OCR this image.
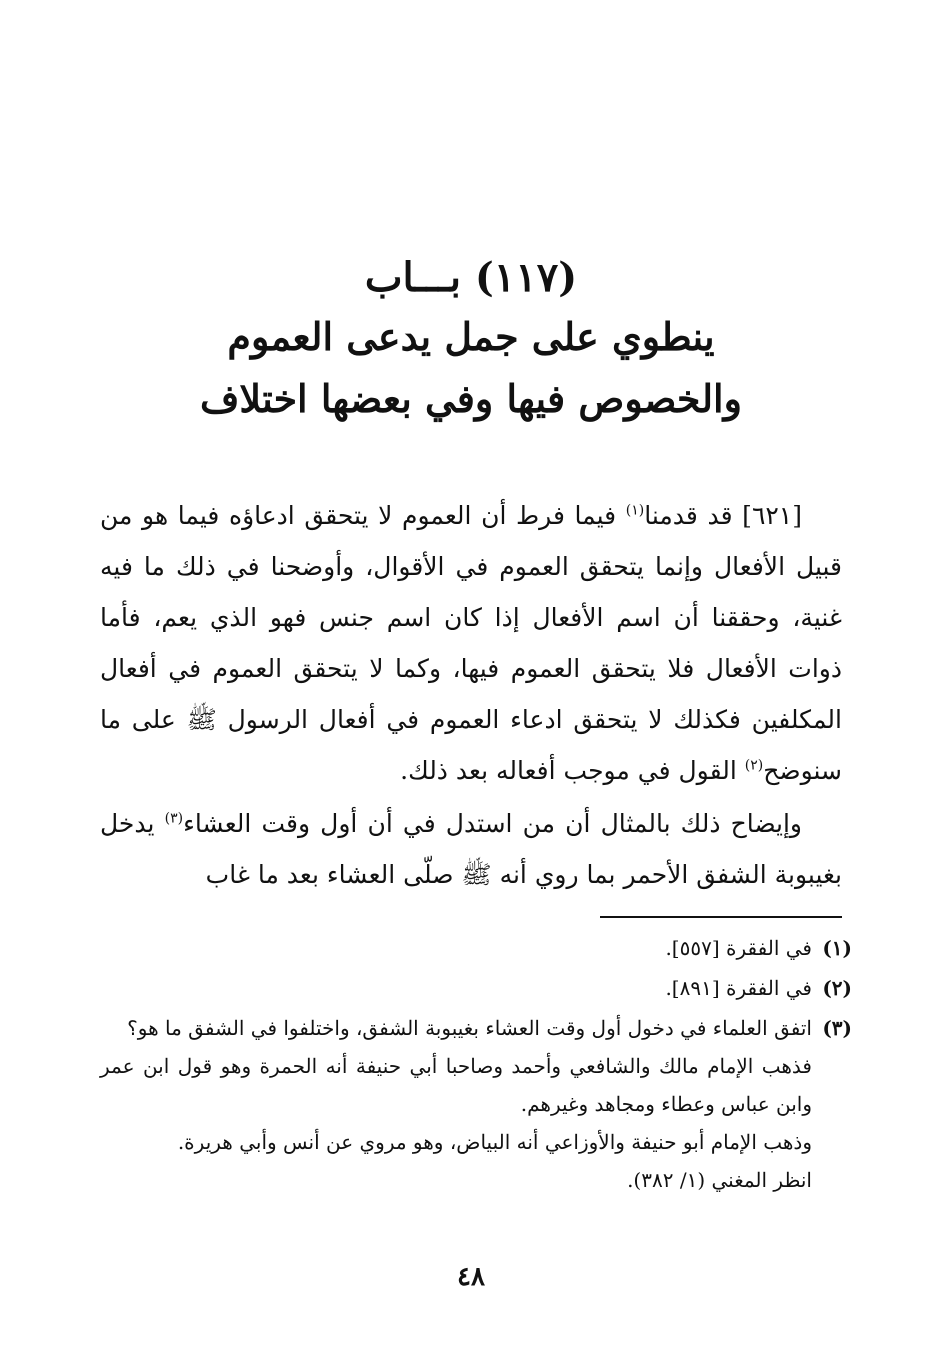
(١١٧) بـــاب
ينطوي على جمل يدعى العموم
والخصوص فيها وفي بعضها اختلاف

[٦٢١] قد قدمنا$^{(١)}$ فيما فرط أن العموم لا يتحقق ادعاؤه فيما هو من قبيل الأفعال وإنما يتحقق العموم في الأقوال، وأوضحنا في ذلك ما فيه غنية، وحققنا أن اسم الأفعال إذا كان اسم جنس فهو الذي يعم، فأما ذوات الأفعال فلا يتحقق العموم فيها، وكما لا يتحقق العموم في أفعال المكلفين فكذلك لا يتحقق ادعاء العموم في أفعال الرسول ﷺ على ما سنوضح$^{(٢)}$ القول في موجب أفعاله بعد ذلك.

وإيضاح ذلك بالمثال أن من استدل في أن أول وقت العشاء$^{(٣)}$ يدخل بغيبوبة الشفق الأحمر بما روي أنه ﷺ صلّى العشاء بعد ما غاب

(١)
في الفقرة [٥٥٧].
(٢)
في الفقرة [٨٩١].
(٣)
اتفق العلماء في دخول أول وقت العشاء بغيبوبة الشفق، واختلفوا في الشفق ما هو؟
فذهب الإمام مالك والشافعي وأحمد وصاحبا أبي حنيفة أنه الحمرة وهو قول ابن عمر وابن عباس وعطاء ومجاهد وغيرهم.
وذهب الإمام أبو حنيفة والأوزاعي أنه البياض، وهو مروي عن أنس وأبي هريرة.
انظر المغني (١/ ٣٨٢).
٤٨
